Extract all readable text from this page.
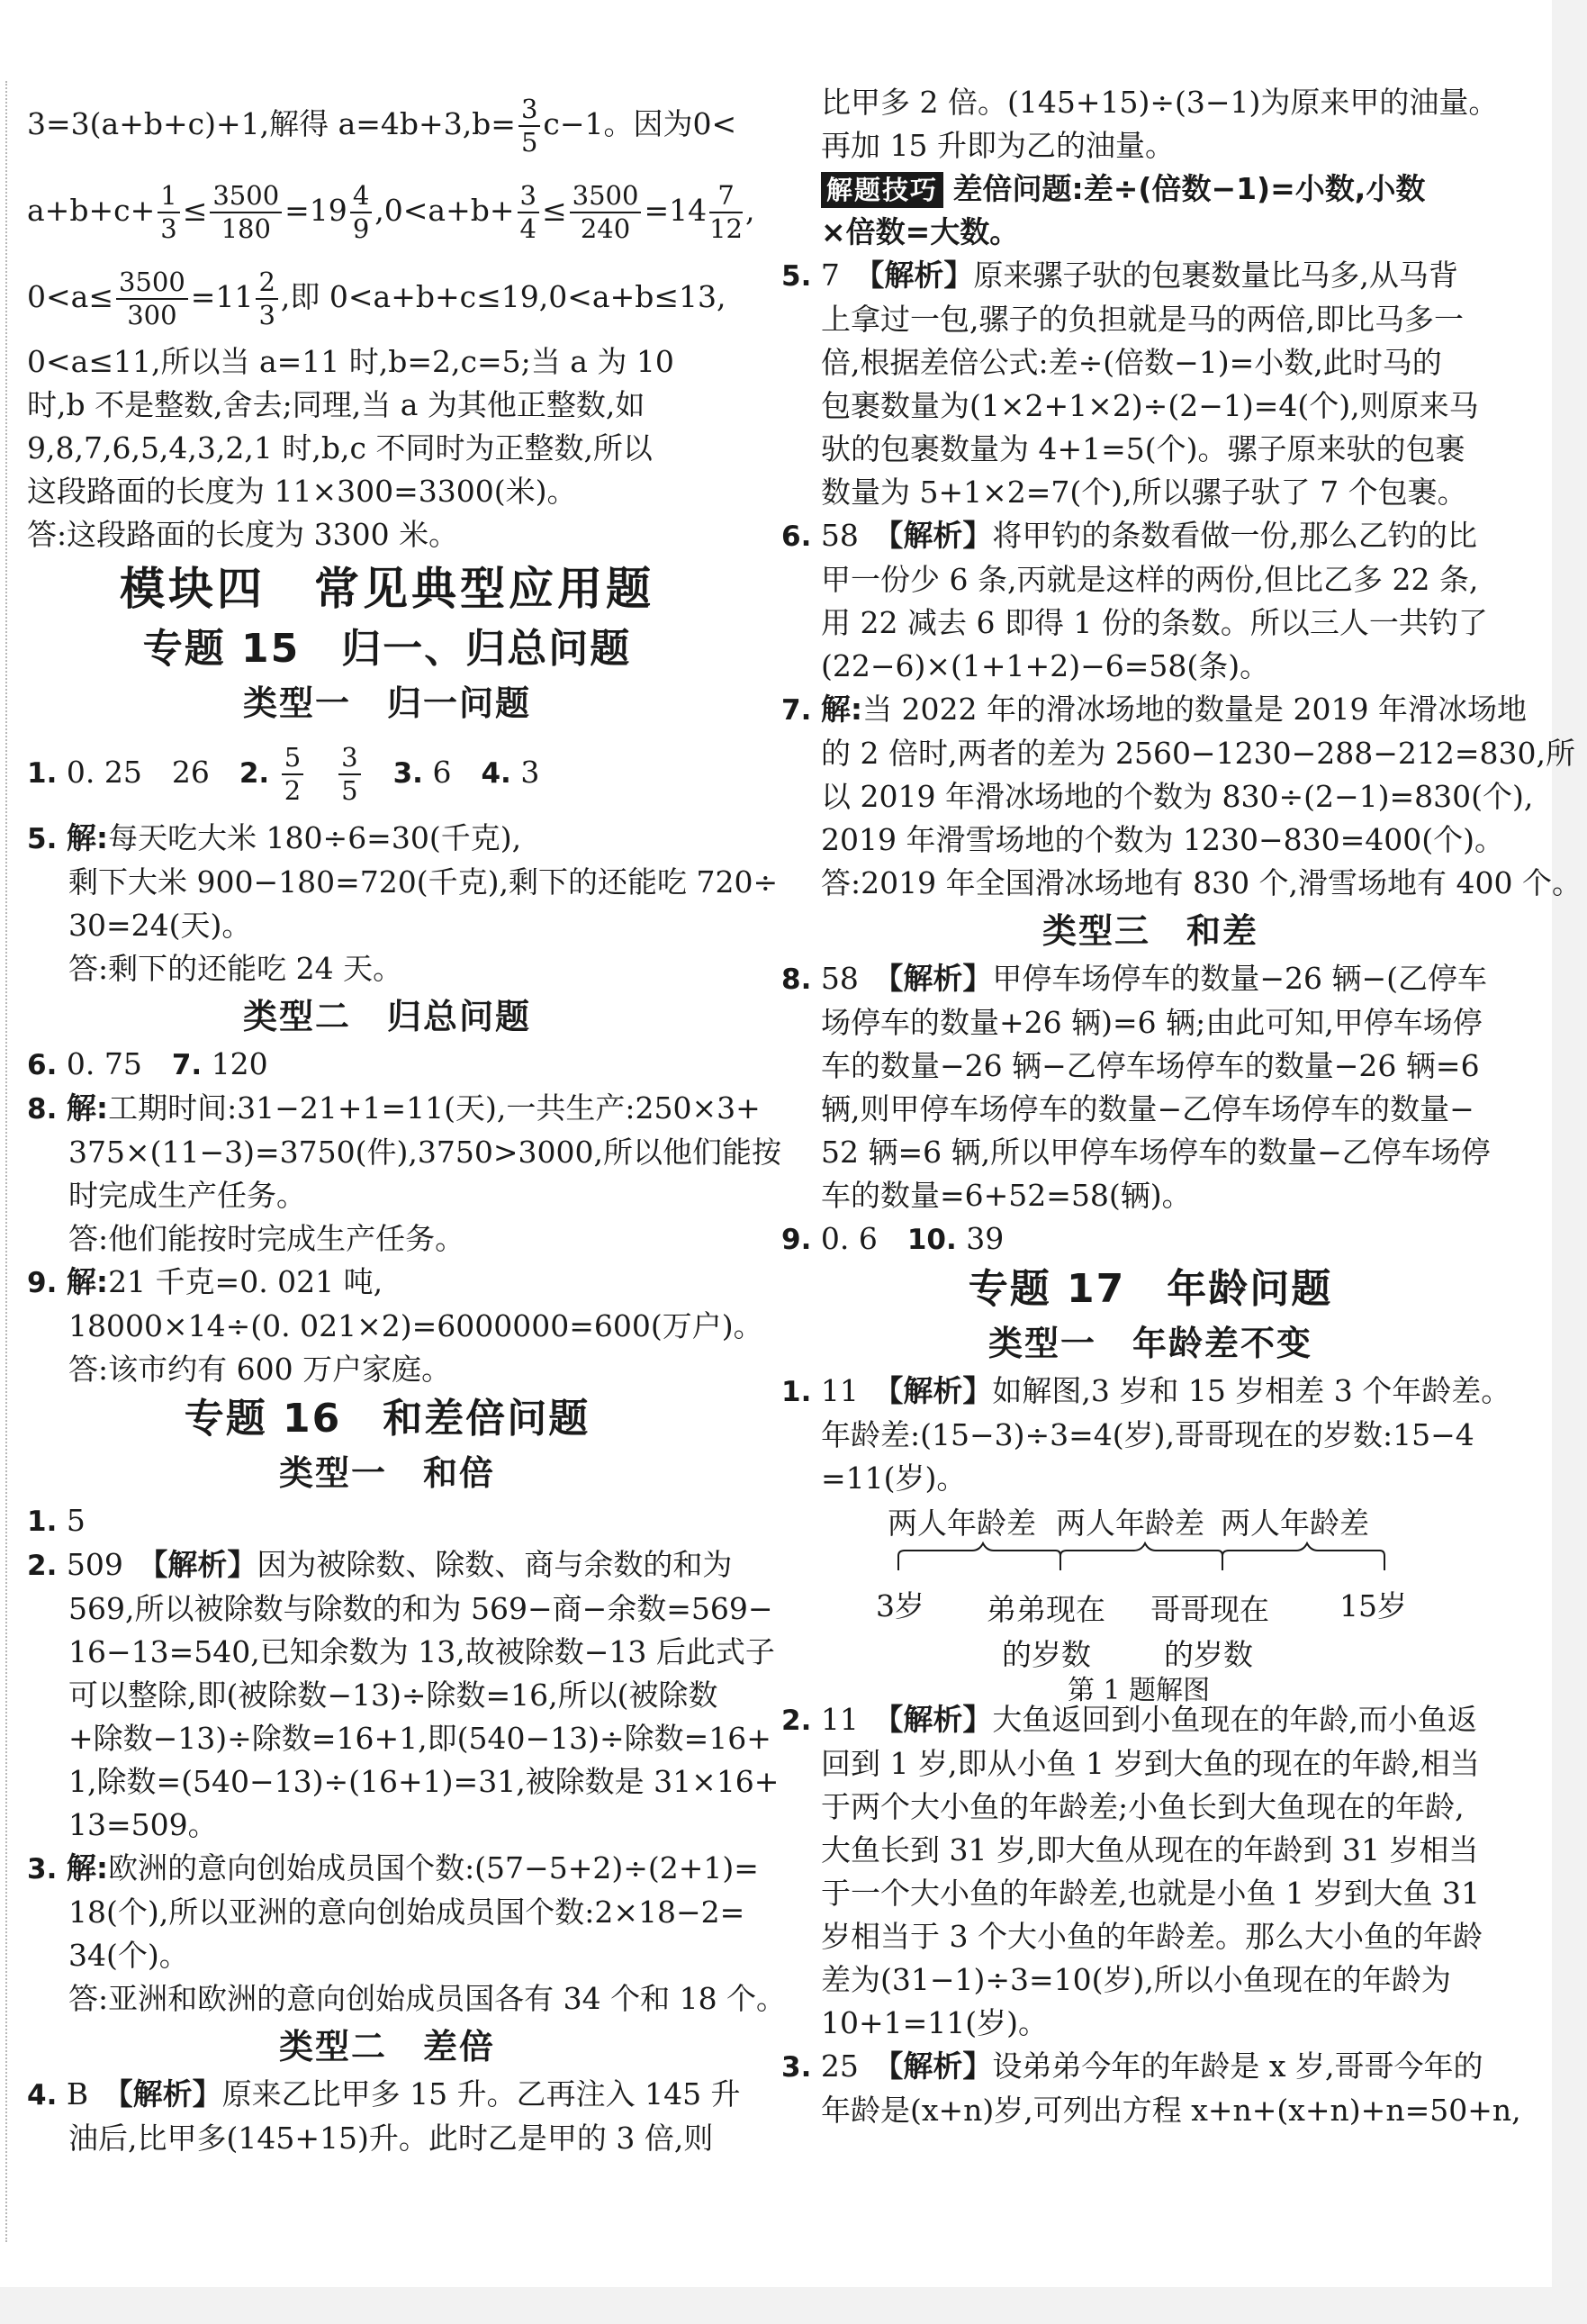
3=3(a+b+c)+1,解得 $a=4b+3,b= \frac{3}{5} c-1$。因为0<
$a+b+c+ \frac{1}{3} \le \frac{3500}{180} =19 \frac{4}{9} ,0<a+b+ \frac{3}{4} \le \frac{3500}{240} =14 \frac{7}{12}$ ,
$0<a\le \frac{3500}{300} =11 \frac{2}{3}$ ,即 0<a+b+c≤19,0<a+b≤13,
0<a≤11,所以当 a=11 时,b=2,c=5;当 a 为 10
时,b 不是整数,舍去;同理,当 a 为其他正整数,如
9,8,7,6,5,4,3,2,1 时,b,c 不同时为正整数,所以
这段路面的长度为 11×300=3300(米)。
答:这段路面的长度为 3300 米。
模块四　常见典型应用题
专题 15　归一、归总问题
类型一　归一问题
1. 0. 25　26　 2. $\frac{5}{2}$
　 $\frac{3}{5}$
　 3. 6　 4. 3
5. 解:每天吃大米 180÷6=30(千克),
剩下大米 900−180=720(千克),剩下的还能吃 720÷
30=24(天)。
答:剩下的还能吃 24 天。
类型二　归总问题
6. 0. 75　 7. 120
8. 解:工期时间:31−21+1=11(天),一共生产:250×3+
375×(11−3)=3750(件),3750>3000,所以他们能按
时完成生产任务。
答:他们能按时完成生产任务。
9. 解:21 千克=0. 021 吨,
18000×14÷(0. 021×2)=6000000=600(万户)。
答:该市约有 600 万户家庭。
专题 16　和差倍问题
类型一　和倍
1. 5
2. 509　 【解析】因为被除数、除数、商与余数的和为
569,所以被除数与除数的和为 569−商−余数=569−
16−13=540,已知余数为 13,故被除数−13 后此式子
可以整除,即(被除数−13)÷除数=16,所以(被除数
+除数−13)÷除数=16+1,即(540−13)÷除数=16+
1,除数=(540−13)÷(16+1)=31,被除数是 31×16+
13=509。
3. 解:欧洲的意向创始成员国个数:(57−5+2)÷(2+1)=
18(个),所以亚洲的意向创始成员国个数:2×18−2=
34(个)。
答:亚洲和欧洲的意向创始成员国各有 34 个和 18 个。
类型二　差倍
4. B　 【解析】原来乙比甲多 15 升。乙再注入 145 升
油后,比甲多(145+15)升。此时乙是甲的 3 倍,则
比甲多 2 倍。(145+15)÷(3−1)为原来甲的油量。
再加 15 升即为乙的油量。
解题技巧 差倍问题:差÷(倍数−1)=小数,小数
×倍数=大数。
5. 7　 【解析】原来骡子驮的包裹数量比马多,从马背
上拿过一包,骡子的负担就是马的两倍,即比马多一
倍,根据差倍公式:差÷(倍数−1)=小数,此时马的
包裹数量为(1×2+1×2)÷(2−1)=4(个),则原来马
驮的包裹数量为 4+1=5(个)。骡子原来驮的包裹
数量为 5+1×2=7(个),所以骡子驮了 7 个包裹。
6. 58　 【解析】将甲钓的条数看做一份,那么乙钓的比
甲一份少 6 条,丙就是这样的两份,但比乙多 22 条,
用 22 减去 6 即得 1 份的条数。所以三人一共钓了
(22−6)×(1+1+2)−6=58(条)。
7. 解:当 2022 年的滑冰场地的数量是 2019 年滑冰场地
的 2 倍时,两者的差为 2560−1230−288−212=830,所
以 2019 年滑冰场地的个数为 830÷(2−1)=830(个),
2019 年滑雪场地的个数为 1230−830=400(个)。
答:2019 年全国滑冰场地有 830 个,滑雪场地有 400 个。
类型三　和差
8. 58　 【解析】甲停车场停车的数量−26 辆−(乙停车
场停车的数量+26 辆)=6 辆;由此可知,甲停车场停
车的数量−26 辆−乙停车场停车的数量−26 辆=6
辆,则甲停车场停车的数量−乙停车场停车的数量−
52 辆=6 辆,所以甲停车场停车的数量−乙停车场停
车的数量=6+52=58(辆)。
9. 0. 6　 10. 39
专题 17　年龄问题
类型一　年龄差不变
1. 11　 【解析】如解图,3 岁和 15 岁相差 3 个年龄差。
年龄差:(15−3)÷3=4(岁),哥哥现在的岁数:15−4
=11(岁)。
两人年龄差 两人年龄差 两人年龄差
3岁 弟弟现在
的岁数
哥哥现在
的岁数
15岁
第 1 题解图
2. 11　 【解析】大鱼返回到小鱼现在的年龄,而小鱼返
回到 1 岁,即从小鱼 1 岁到大鱼的现在的年龄,相当
于两个大小鱼的年龄差;小鱼长到大鱼现在的年龄,
大鱼长到 31 岁,即大鱼从现在的年龄到 31 岁相当
于一个大小鱼的年龄差,也就是小鱼 1 岁到大鱼 31
岁相当于 3 个大小鱼的年龄差。那么大小鱼的年龄
差为(31−1)÷3=10(岁),所以小鱼现在的年龄为
10+1=11(岁)。
3. 25　 【解析】设弟弟今年的年龄是 x 岁,哥哥今年的
年龄是(x+n)岁,可列出方程 x+n+(x+n)+n=50+n,
